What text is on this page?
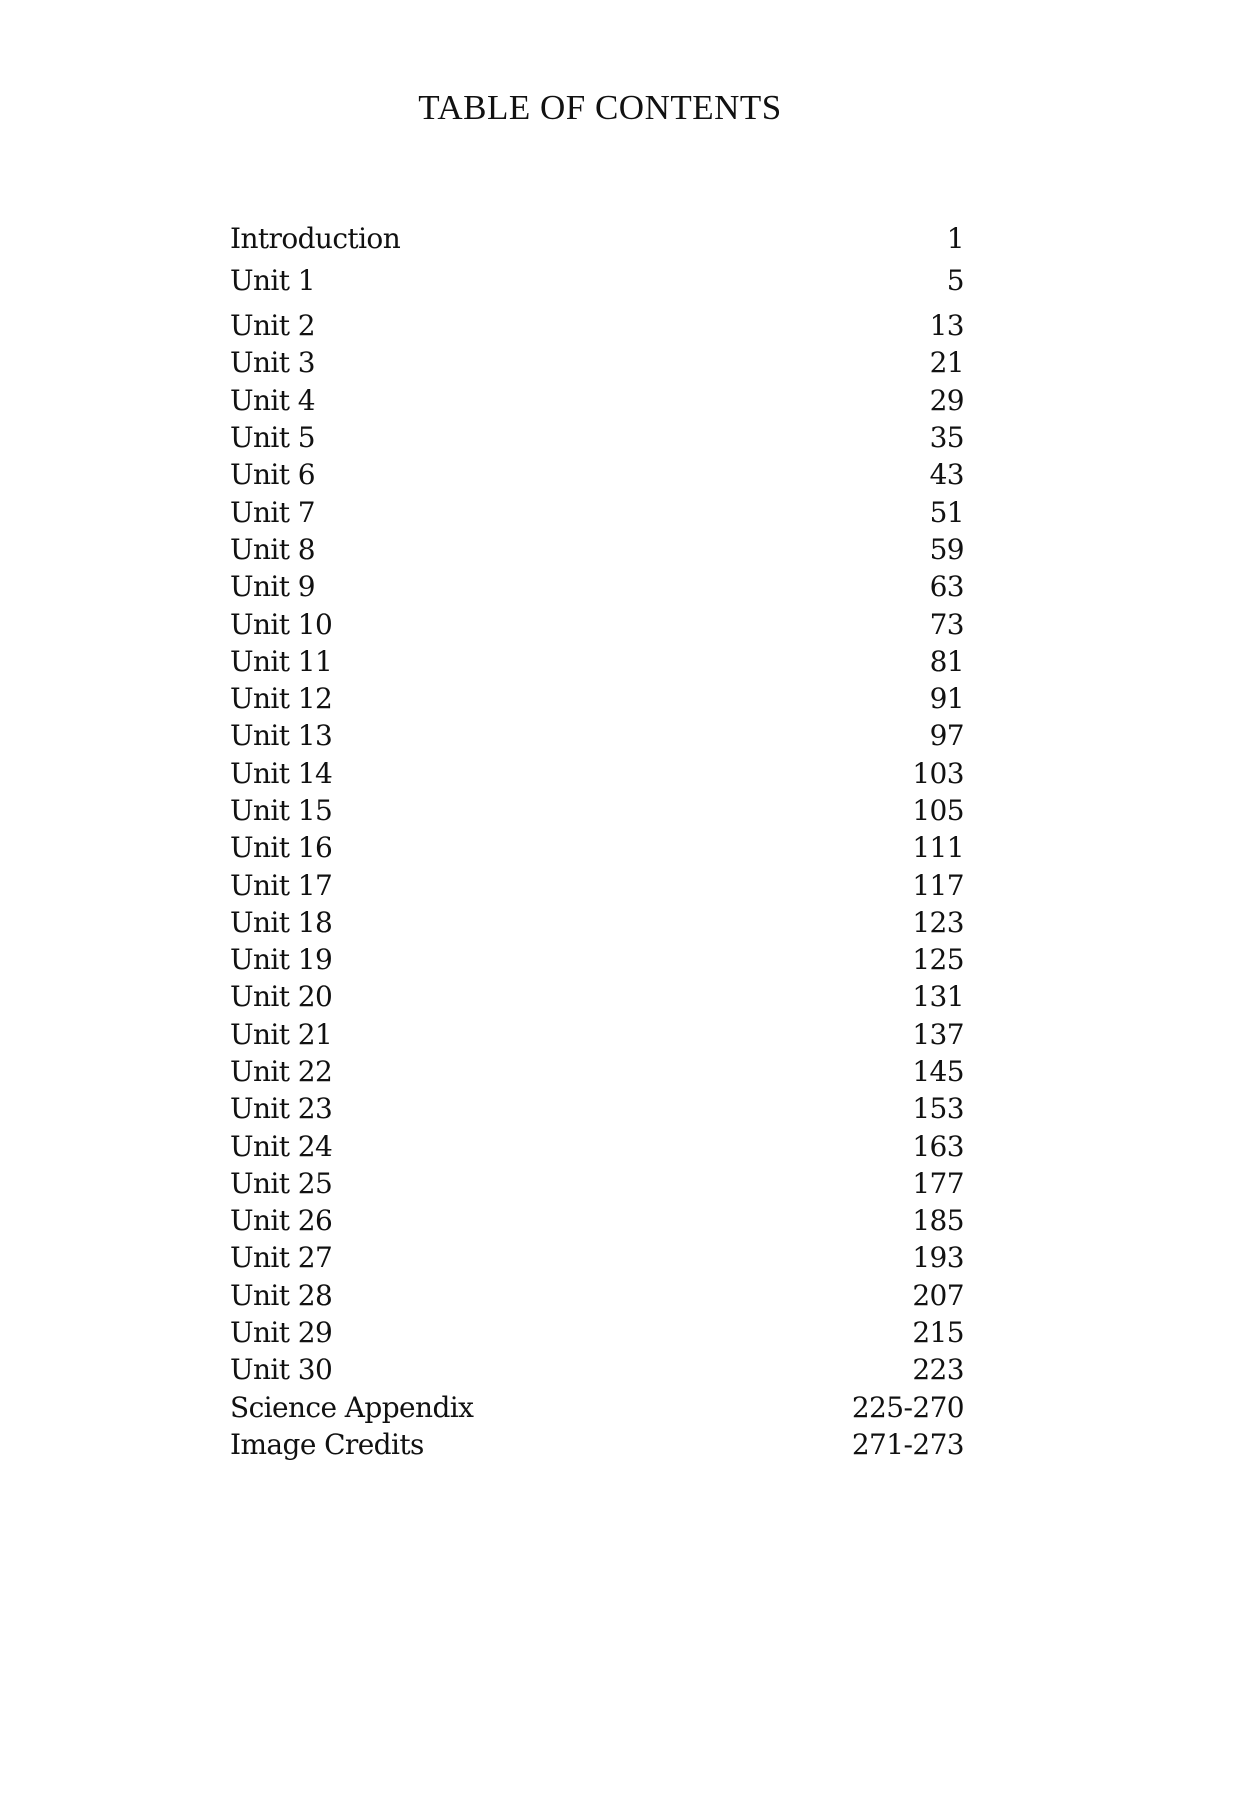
TABLE OF CONTENTS
Introduction	1
Unit 1	5
Unit 2	13
Unit 3	21
Unit 4	29
Unit 5	35
Unit 6	43
Unit 7	51
Unit 8	59
Unit 9	63
Unit 10	73
Unit 11	81
Unit 12	91
Unit 13	97
Unit 14	103
Unit 15	105
Unit 16	111
Unit 17	117
Unit 18	123
Unit 19	125
Unit 20	131
Unit 21	137
Unit 22	145
Unit 23	153
Unit 24	163
Unit 25	177
Unit 26	185
Unit 27	193
Unit 28	207
Unit 29	215
Unit 30	223
Science Appendix	225-270
Image Credits	271-273
